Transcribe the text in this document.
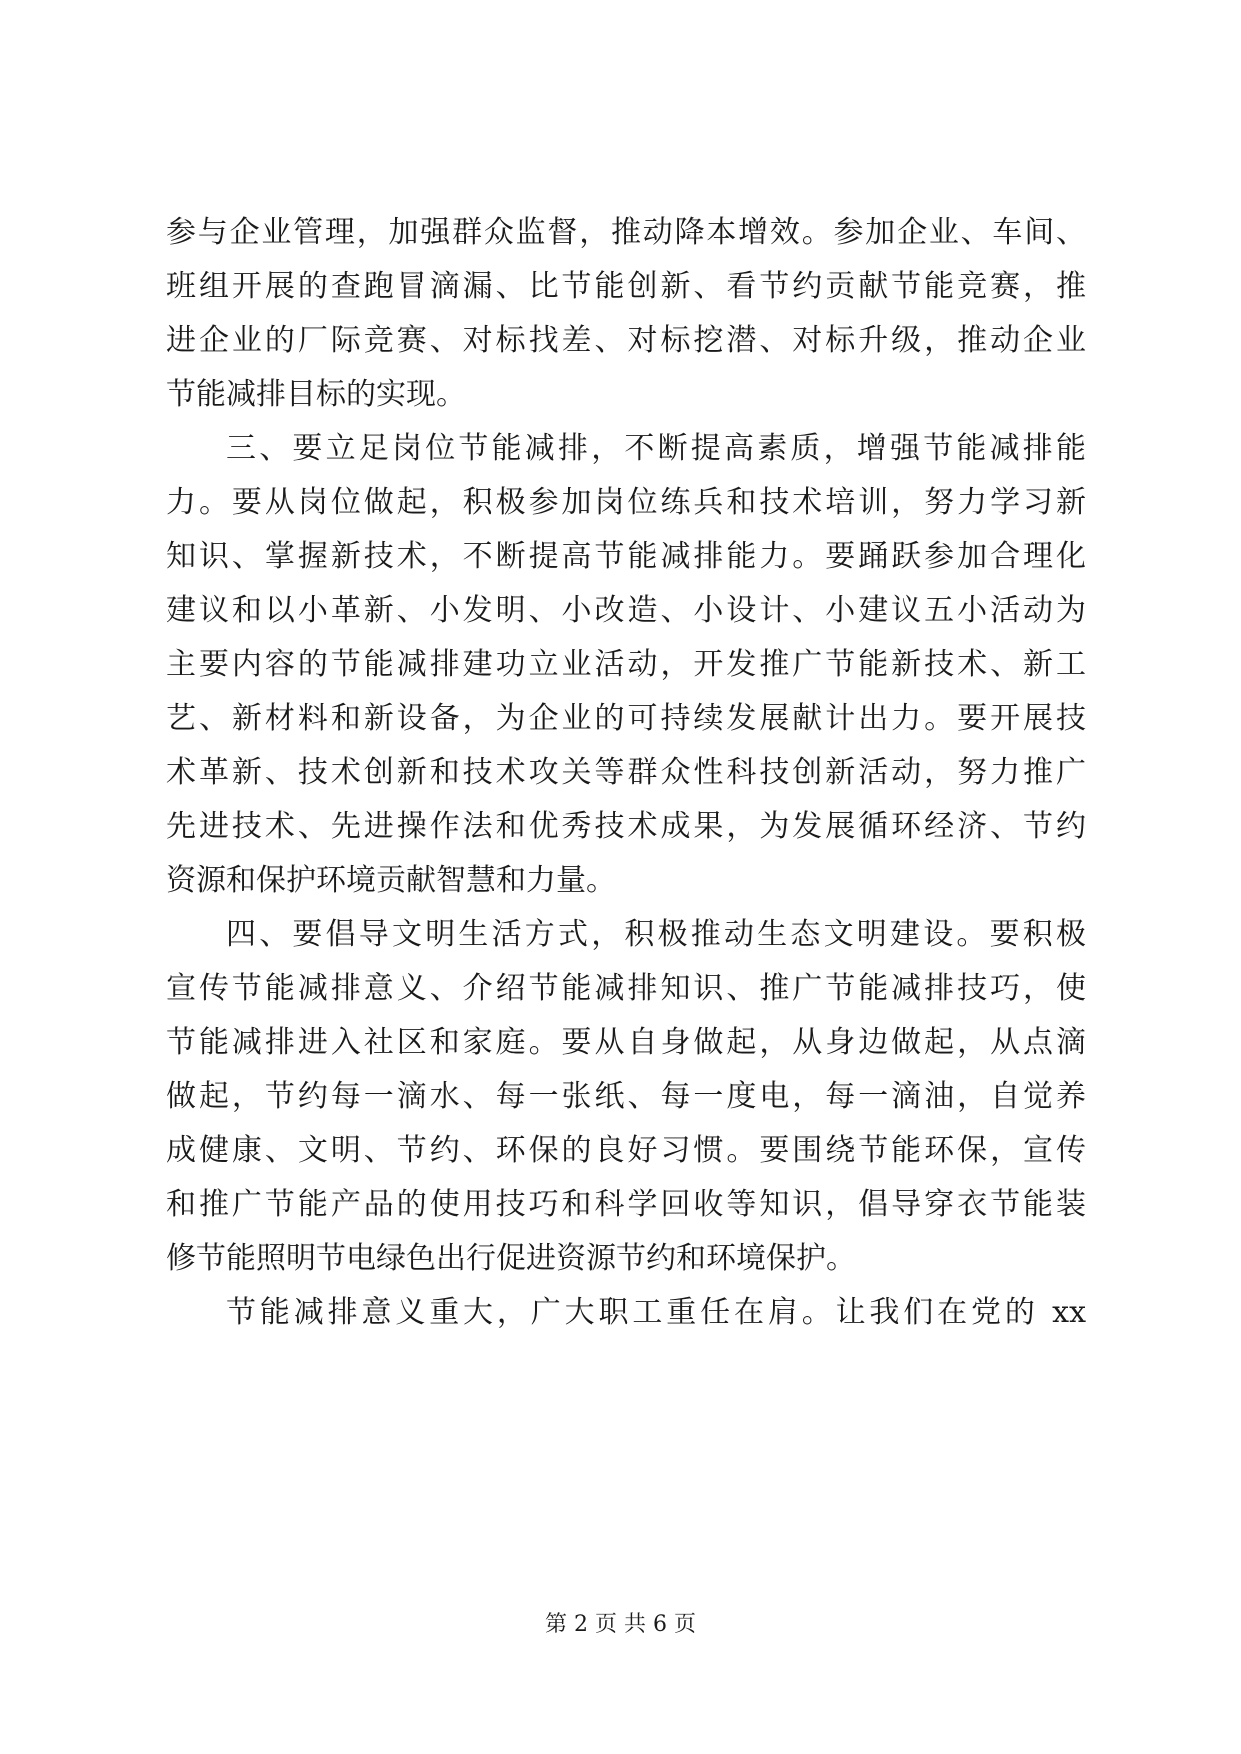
参与企业管理，加强群众监督，推动降本增效。参加企业、车间、
班组开展的查跑冒滴漏、比节能创新、看节约贡献节能竞赛，推
进企业的厂际竞赛、对标找差、对标挖潜、对标升级，推动企业
节能减排目标的实现。
三、要立足岗位节能减排，不断提高素质，增强节能减排能
力。要从岗位做起，积极参加岗位练兵和技术培训，努力学习新
知识、掌握新技术，不断提高节能减排能力。要踊跃参加合理化
建议和以小革新、小发明、小改造、小设计、小建议五小活动为
主要内容的节能减排建功立业活动，开发推广节能新技术、新工
艺、新材料和新设备，为企业的可持续发展献计出力。要开展技
术革新、技术创新和技术攻关等群众性科技创新活动，努力推广
先进技术、先进操作法和优秀技术成果，为发展循环经济、节约
资源和保护环境贡献智慧和力量。
四、要倡导文明生活方式，积极推动生态文明建设。要积极
宣传节能减排意义、介绍节能减排知识、推广节能减排技巧，使
节能减排进入社区和家庭。要从自身做起，从身边做起，从点滴
做起，节约每一滴水、每一张纸、每一度电，每一滴油，自觉养
成健康、文明、节约、环保的良好习惯。要围绕节能环保，宣传
和推广节能产品的使用技巧和科学回收等知识，倡导穿衣节能装
修节能照明节电绿色出行促进资源节约和环境保护。
节能减排意义重大，广大职工重任在肩。让我们在党的 xx
第 2 页 共 6 页
